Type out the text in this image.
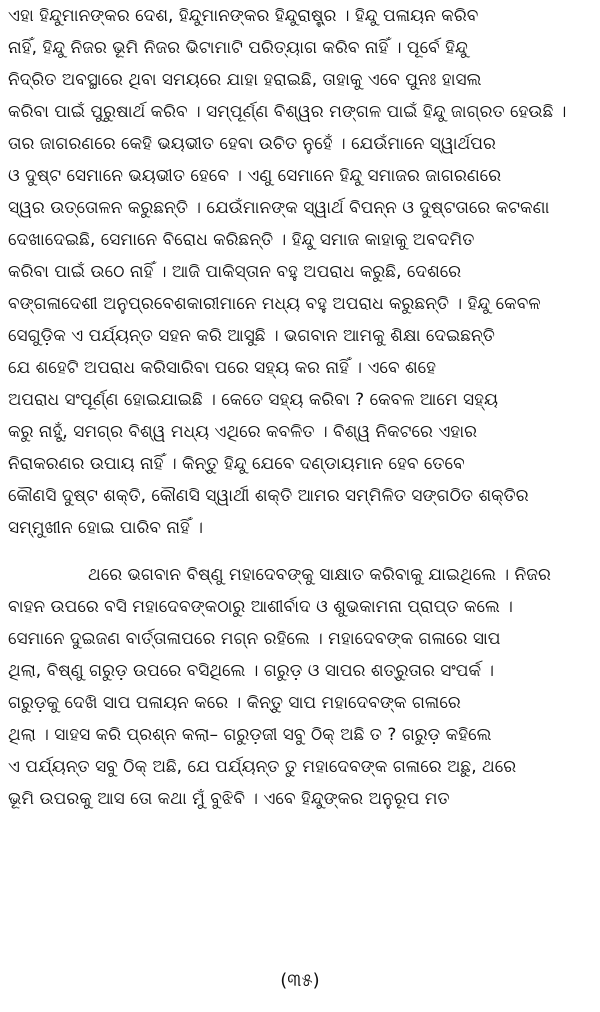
ଏହା ହିନ୍ଦୁମାନଙ୍କର ଦେଶ, ହିନ୍ଦୁମାନଙ୍କର ହିନ୍ଦୁରାଷ୍ଟ୍ର । ହିନ୍ଦୁ ପଳାୟନ କରିବ
ନାହିଁ, ହିନ୍ଦୁ ନିଜର ଭୂମି ନିଜର ଭିଟାମାଟି ପରିତ୍ୟାଗ କରିବ ନାହିଁ । ପୂର୍ବେ ହିନ୍ଦୁ
ନିଦ୍ରିତ ଅବସ୍ଥାରେ ଥିବା ସମୟରେ ଯାହା ହରାଇଛି, ତାହାକୁ ଏବେ ପୁନଃ ହାସଲ
କରିବା ପାଇଁ ପୁରୁଷାର୍ଥ କରିବ । ସମ୍ପୂର୍ଣ୍ଣ ବିଶ୍ୱର ମଙ୍ଗଳ ପାଇଁ ହିନ୍ଦୁ ଜାଗ୍ରତ ହେଉଛି ।
ତାର ଜାଗରଣରେ କେହି ଭୟଭୀତ ହେବା ଉଚିତ ନୁହେଁ । ଯେଉଁମାନେ ସ୍ୱାର୍ଥପର
ଓ ଦୁଷ୍ଟ ସେମାନେ ଭୟଭୀତ ହେବେ । ଏଣୁ ସେମାନେ ହିନ୍ଦୁ ସମାଜର ଜାଗରଣରେ
ସ୍ୱର ଉତ୍ତୋଳନ କରୁଛନ୍ତି । ଯେଉଁମାନଙ୍କ ସ୍ୱାର୍ଥ ବିପନ୍ନ ଓ ଦୁଷ୍ଟତାରେ କଟକଣା
ଦେଖାଦେଇଛି, ସେମାନେ ବିରୋଧ କରିଛନ୍ତି । ହିନ୍ଦୁ ସମାଜ କାହାକୁ ଅବଦମିତ
କରିବା ପାଇଁ ଉଠେ ନାହିଁ । ଆଜି ପାକିସ୍ତାନ ବହୁ ଅପରାଧ କରୁଛି, ଦେଶରେ
ବଙ୍ଗଳାଦେଶୀ ଅନୁପ୍ରବେଶକାରୀମାନେ ମଧ୍ୟ ବହୁ ଅପରାଧ କରୁଛନ୍ତି । ହିନ୍ଦୁ କେବଳ
ସେଗୁଡ଼ିକ ଏ ପର୍ଯ୍ୟନ୍ତ ସହନ କରି ଆସୁଛି । ଭଗବାନ ଆମକୁ ଶିକ୍ଷା ଦେଇଛନ୍ତି
ଯେ ଶହେଟି ଅପରାଧ କରିସାରିବା ପରେ ସହ୍ୟ କର ନାହିଁ । ଏବେ ଶହେ
ଅପରାଧ ସଂପୂର୍ଣ୍ଣ ହୋଇଯାଇଛି । କେତେ ସହ୍ୟ କରିବା ? କେବଳ ଆମେ ସହ୍ୟ
କରୁ ନାହୁଁ, ସମଗ୍ର ବିଶ୍ୱ ମଧ୍ୟ ଏଥିରେ କବଳିତ । ବିଶ୍ୱ ନିକଟରେ ଏହାର
ନିରାକରଣର ଉପାୟ ନାହିଁ । କିନ୍ତୁ ହିନ୍ଦୁ ଯେବେ ଦଣ୍ଡାୟମାନ ହେବ ତେବେ
କୌଣସି ଦୁଷ୍ଟ ଶକ୍ତି, କୌଣସି ସ୍ୱାର୍ଥୀ ଶକ୍ତି ଆମର ସମ୍ମିଳିତ ସଙ୍ଗଠିତ ଶକ୍ତିର
ସମ୍ମୁଖୀନ ହୋଇ ପାରିବ ନାହିଁ ।
ଥରେ ଭଗବାନ ବିଷ୍ଣୁ ମହାଦେବଙ୍କୁ ସାକ୍ଷାତ କରିବାକୁ ଯାଇଥିଲେ । ନିଜର
ବାହନ ଉପରେ ବସି ମହାଦେବଙ୍କଠାରୁ ଆଶୀର୍ବାଦ ଓ ଶୁଭକାମନା ପ୍ରାପ୍ତ କଲେ ।
ସେମାନେ ଦୁଇଜଣ ବାର୍ତ୍ତାଳାପରେ ମଗ୍ନ ରହିଲେ । ମହାଦେବଙ୍କ ଗଳାରେ ସାପ
ଥିଲା, ବିଷ୍ଣୁ ଗରୁଡ଼ ଉପରେ ବସିଥିଲେ । ଗରୁଡ଼ ଓ ସାପର ଶତ୍ରୁତାର ସଂପର୍କ ।
ଗରୁଡ଼କୁ ଦେଖି ସାପ ପଳାୟନ କରେ । କିନ୍ତୁ ସାପ ମହାଦେବଙ୍କ ଗଳାରେ
ଥିଲା । ସାହସ କରି ପ୍ରଶ୍ନ କଲା– ଗରୁଡ଼ଜୀ ସବୁ ଠିକ୍ ଅଛି ତ ? ଗରୁଡ଼ କହିଲେ
ଏ ପର୍ଯ୍ୟନ୍ତ ସବୁ ଠିକ୍ ଅଛି, ଯେ ପର୍ଯ୍ୟନ୍ତ ତୁ ମହାଦେବଙ୍କ ଗଳାରେ ଅଛୁ, ଥରେ
ଭୂମି ଉପରକୁ ଆସ ତୋ କଥା ମୁଁ ବୁଝିବି । ଏବେ ହିନ୍ଦୁଙ୍କର ଅନୁରୂପ ମତ
(୩୫)
